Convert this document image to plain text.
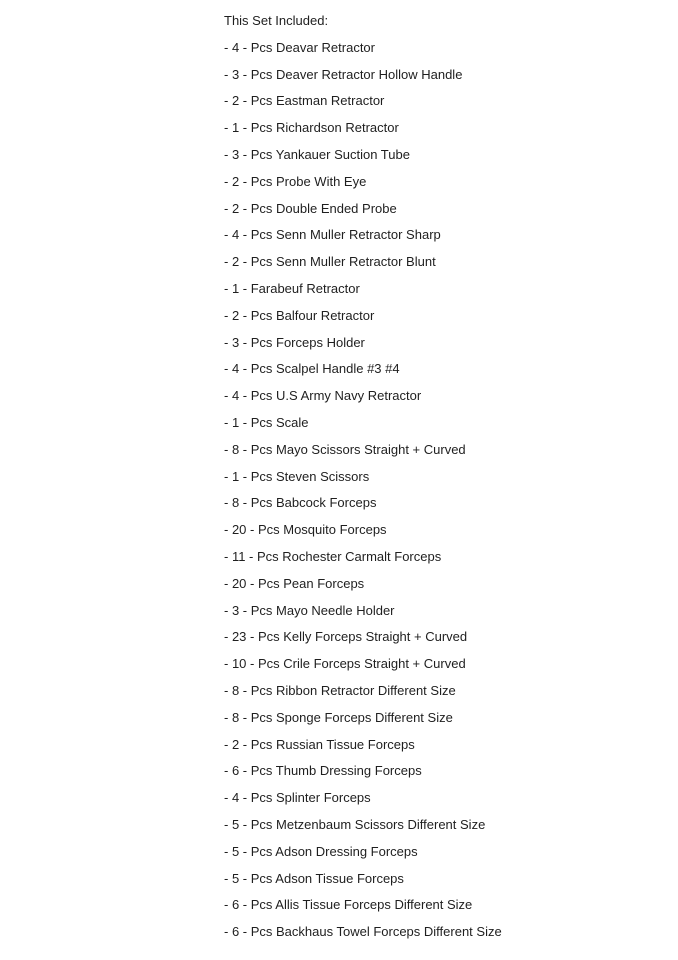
This Set Included:
- 4 - Pcs Deavar Retractor
- 3 - Pcs Deaver Retractor Hollow Handle
- 2 - Pcs Eastman Retractor
- 1 - Pcs Richardson Retractor
- 3 - Pcs Yankauer Suction Tube
- 2 - Pcs Probe With Eye
- 2 - Pcs Double Ended Probe
- 4 - Pcs Senn Muller Retractor Sharp
- 2 - Pcs Senn Muller Retractor Blunt
- 1 - Farabeuf Retractor
- 2 - Pcs Balfour Retractor
- 3 - Pcs Forceps Holder
- 4 - Pcs Scalpel Handle #3 #4
- 4 - Pcs U.S Army Navy Retractor
- 1 - Pcs Scale
- 8 - Pcs Mayo Scissors Straight + Curved
- 1 - Pcs Steven Scissors
- 8 - Pcs Babcock Forceps
- 20 - Pcs Mosquito Forceps
- 11 - Pcs Rochester Carmalt Forceps
- 20 - Pcs Pean Forceps
- 3 - Pcs Mayo Needle Holder
- 23 - Pcs Kelly Forceps Straight + Curved
- 10 - Pcs Crile Forceps Straight + Curved
- 8 - Pcs Ribbon Retractor Different Size
- 8 - Pcs Sponge Forceps Different Size
- 2 - Pcs Russian Tissue Forceps
- 6 - Pcs Thumb Dressing Forceps
- 4 - Pcs Splinter Forceps
- 5 - Pcs Metzenbaum Scissors Different Size
- 5 - Pcs Adson Dressing Forceps
- 5 - Pcs Adson Tissue Forceps
- 6 - Pcs Allis Tissue Forceps Different Size
- 6 - Pcs Backhaus Towel Forceps Different Size
